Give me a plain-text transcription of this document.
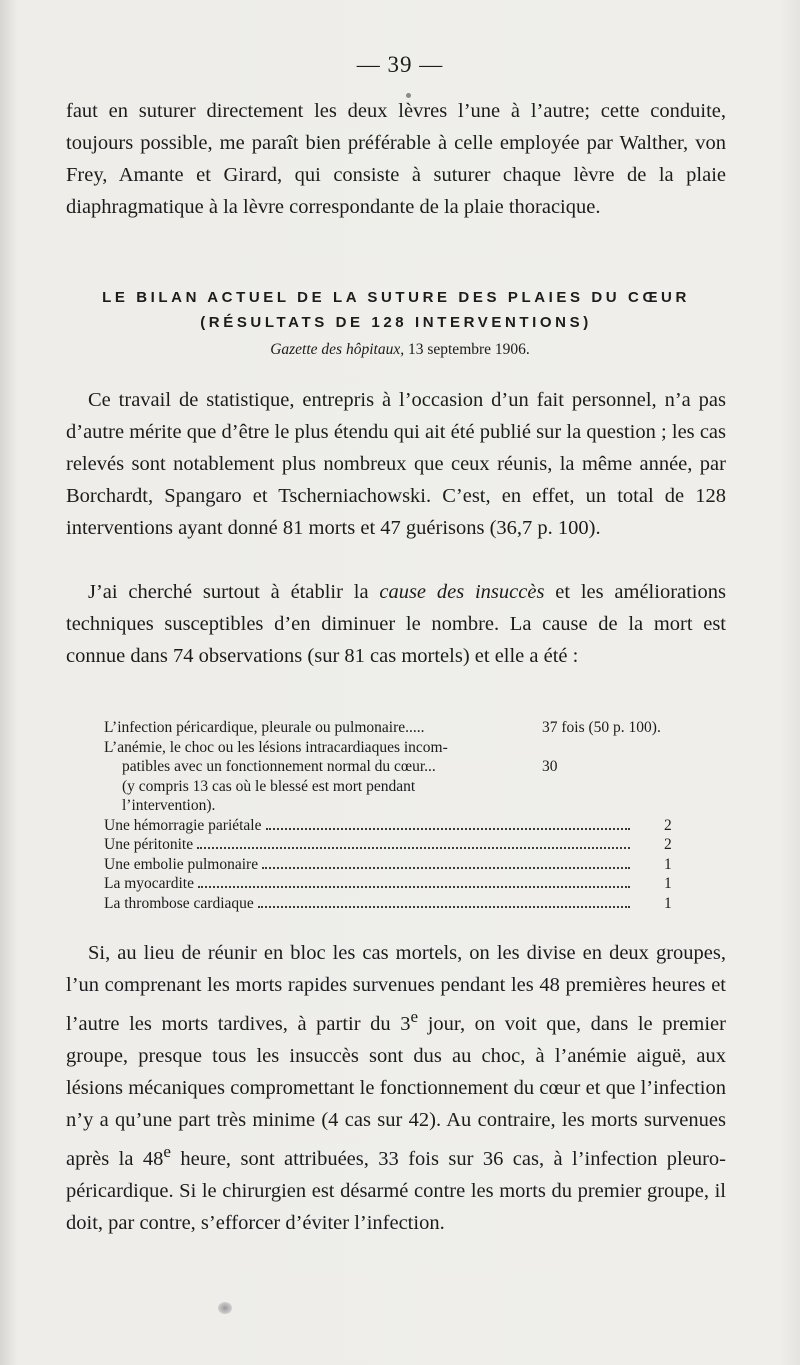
— 39 —

faut en suturer directement les deux lèvres l’une à l’autre; cette conduite, toujours possible, me paraît bien préférable à celle employée par Walther, von Frey, Amante et Girard, qui consiste à suturer chaque lèvre de la plaie diaphragmatique à la lèvre correspondante de la plaie thoracique.

LE BILAN ACTUEL DE LA SUTURE DES PLAIES DU CŒUR
(RÉSULTATS DE 128 INTERVENTIONS)
Gazette des hôpitaux, 13 septembre 1906.

Ce travail de statistique, entrepris à l’occasion d’un fait personnel, n’a pas d’autre mérite que d’être le plus étendu qui ait été publié sur la question ; les cas relevés sont notablement plus nombreux que ceux réunis, la même année, par Borchardt, Spangaro et Tscherniachowski. C’est, en effet, un total de 128 interventions ayant donné 81 morts et 47 guérisons (36,7 p. 100).

J’ai cherché surtout à établir la cause des insuccès et les améliorations techniques susceptibles d’en diminuer le nombre. La cause de la mort est connue dans 74 observations (sur 81 cas mortels) et elle a été :

L’infection péricardique, pleurale ou pulmonaire.....	37 fois (50 p. 100).
L’anémie, le choc ou les lésions intracardiaques incom-
patibles avec un fonctionnement normal du cœur...	30
(y compris 13 cas où le blessé est mort pendant
l’intervention).
Une hémorragie pariétale	2
Une péritonite	2
Une embolie pulmonaire	1
La myocardite	1
La thrombose cardiaque	1

Si, au lieu de réunir en bloc les cas mortels, on les divise en deux groupes, l’un comprenant les morts rapides survenues pendant les 48 premières heures et l’autre les morts tardives, à partir du 3e jour, on voit que, dans le premier groupe, presque tous les insuccès sont dus au choc, à l’anémie aiguë, aux lésions mécaniques compromettant le fonctionnement du cœur et que l’infection n’y a qu’une part très minime (4 cas sur 42). Au contraire, les morts survenues après la 48e heure, sont attribuées, 33 fois sur 36 cas, à l’infection pleuro-péricardique. Si le chirurgien est désarmé contre les morts du premier groupe, il doit, par contre, s’efforcer d’éviter l’infection.
